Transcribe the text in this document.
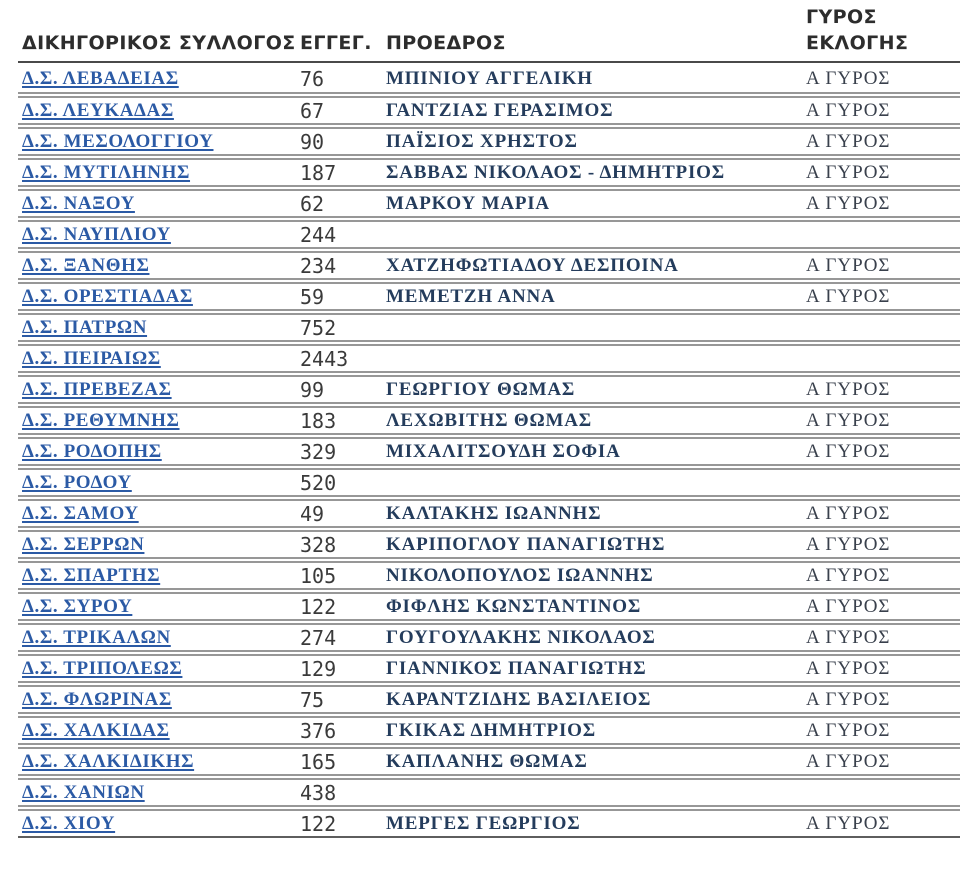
ΔΙΚΗΓΟΡΙΚΟΣ ΣΥΛΛΟΓΟΣ	ΕΓΓΕΓ.	ΠΡΟΕΔΡΟΣ	ΓΥΡΟΣ ΕΚΛΟΓΗΣ
Δ.Σ. ΛΕΒΑΔΕΙΑΣ	76	ΜΠΙΝΙΟΥ ΑΓΓΕΛΙΚΗ	Α ΓΥΡΟΣ
Δ.Σ. ΛΕΥΚΑΔΑΣ	67	ΓΑΝΤΖΙΑΣ ΓΕΡΑΣΙΜΟΣ	Α ΓΥΡΟΣ
Δ.Σ. ΜΕΣΟΛΟΓΓΙΟΥ	90	ΠΑΪΣΙΟΣ ΧΡΗΣΤΟΣ	Α ΓΥΡΟΣ
Δ.Σ. ΜΥΤΙΛΗΝΗΣ	187	ΣΑΒΒΑΣ ΝΙΚΟΛΑΟΣ - ΔΗΜΗΤΡΙΟΣ	Α ΓΥΡΟΣ
Δ.Σ. ΝΑΞΟΥ	62	ΜΑΡΚΟΥ ΜΑΡΙΑ	Α ΓΥΡΟΣ
Δ.Σ. ΝΑΥΠΛΙΟΥ	244		
Δ.Σ. ΞΑΝΘΗΣ	234	ΧΑΤΖΗΦΩΤΙΑΔΟΥ ΔΕΣΠΟΙΝΑ	Α ΓΥΡΟΣ
Δ.Σ. ΟΡΕΣΤΙΑΔΑΣ	59	ΜΕΜΕΤΖΗ ΑΝΝΑ	Α ΓΥΡΟΣ
Δ.Σ. ΠΑΤΡΩΝ	752		
Δ.Σ. ΠΕΙΡΑΙΩΣ	2443		
Δ.Σ. ΠΡΕΒΕΖΑΣ	99	ΓΕΩΡΓΙΟΥ ΘΩΜΑΣ	Α ΓΥΡΟΣ
Δ.Σ. ΡΕΘΥΜΝΗΣ	183	ΛΕΧΩΒΙΤΗΣ ΘΩΜΑΣ	Α ΓΥΡΟΣ
Δ.Σ. ΡΟΔΟΠΗΣ	329	ΜΙΧΑΛΙΤΣΟΥΔΗ ΣΟΦΙΑ	Α ΓΥΡΟΣ
Δ.Σ. ΡΟΔΟΥ	520		
Δ.Σ. ΣΑΜΟΥ	49	ΚΑΛΤΑΚΗΣ ΙΩΑΝΝΗΣ	Α ΓΥΡΟΣ
Δ.Σ. ΣΕΡΡΩΝ	328	ΚΑΡΙΠΟΓΛΟΥ ΠΑΝΑΓΙΩΤΗΣ	Α ΓΥΡΟΣ
Δ.Σ. ΣΠΑΡΤΗΣ	105	ΝΙΚΟΛΟΠΟΥΛΟΣ ΙΩΑΝΝΗΣ	Α ΓΥΡΟΣ
Δ.Σ. ΣΥΡΟΥ	122	ΦΙΦΛΗΣ ΚΩΝΣΤΑΝΤΙΝΟΣ	Α ΓΥΡΟΣ
Δ.Σ. ΤΡΙΚΑΛΩΝ	274	ΓΟΥΓΟΥΛΑΚΗΣ ΝΙΚΟΛΑΟΣ	Α ΓΥΡΟΣ
Δ.Σ. ΤΡΙΠΟΛΕΩΣ	129	ΓΙΑΝΝΙΚΟΣ ΠΑΝΑΓΙΩΤΗΣ	Α ΓΥΡΟΣ
Δ.Σ. ΦΛΩΡΙΝΑΣ	75	ΚΑΡΑΝΤΖΙΔΗΣ ΒΑΣΙΛΕΙΟΣ	Α ΓΥΡΟΣ
Δ.Σ. ΧΑΛΚΙΔΑΣ	376	ΓΚΙΚΑΣ ΔΗΜΗΤΡΙΟΣ	Α ΓΥΡΟΣ
Δ.Σ. ΧΑΛΚΙΔΙΚΗΣ	165	ΚΑΠΛΑΝΗΣ ΘΩΜΑΣ	Α ΓΥΡΟΣ
Δ.Σ. ΧΑΝΙΩΝ	438		
Δ.Σ. ΧΙΟΥ	122	ΜΕΡΓΕΣ ΓΕΩΡΓΙΟΣ	Α ΓΥΡΟΣ
